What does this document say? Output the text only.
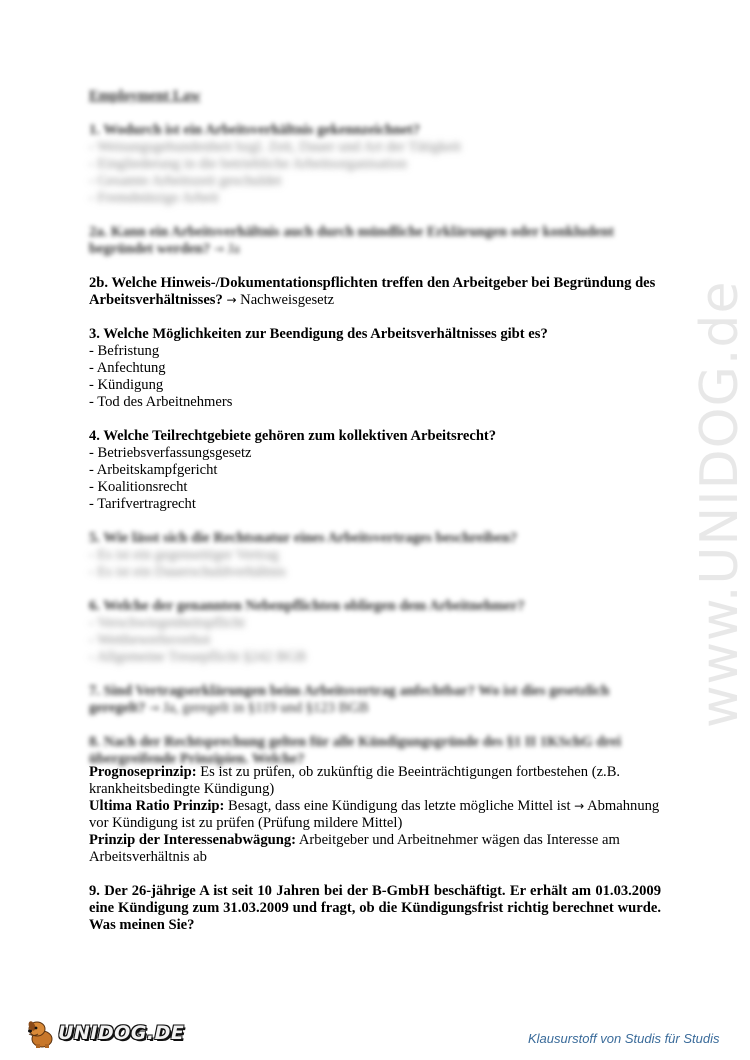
www.UNIDOG.de
Employment Law
1. Wodurch ist ein Arbeitsverhältnis gekennzeichnet?
- Weisungsgebundenheit bzgl. Zeit, Dauer und Art der Tätigkeit
- Eingliederung in die betriebliche Arbeitsorganisation
- Gesamte Arbeitszeit geschuldet
- Fremdnützige Arbeit
2a. Kann ein Arbeitsverhältnis auch durch mündliche Erklärungen oder konkludent begründet werden? → Ja
2b. Welche Hinweis-/Dokumentationspflichten treffen den Arbeitgeber bei Begründung des Arbeitsverhältnisses? → Nachweisgesetz
3. Welche Möglichkeiten zur Beendigung des Arbeitsverhältnisses gibt es?
- Befristung
- Anfechtung
- Kündigung
- Tod des Arbeitnehmers
4. Welche Teilrechtgebiete gehören zum kollektiven Arbeitsrecht?
- Betriebsverfassungsgesetz
- Arbeitskampfgericht
- Koalitionsrecht
- Tarifvertragrecht
5. Wie lässt sich die Rechtsnatur eines Arbeitsvertrages beschreiben?
- Es ist ein gegenseitiger Vertrag
- Es ist ein Dauerschuldverhältnis
6. Welche der genannten Nebenpflichten obliegen dem Arbeitnehmer?
- Verschwiegenheitspflicht
- Wettbewerbsverbot
- Allgemeine Treuepflicht §242 BGB
7. Sind Vertragserklärungen beim Arbeitsvertrag anfechtbar? Wo ist dies gesetzlich geregelt? → Ja, geregelt in §119 und §123 BGB
8. Nach der Rechtsprechung gelten für alle Kündigungsgründe des §1 II 1KSchG drei übergreifende Prinzipien. Welche?
Prognoseprinzip: Es ist zu prüfen, ob zukünftig die Beeinträchtigungen fortbestehen (z.B. krankheitsbedingte Kündigung)
Ultima Ratio Prinzip: Besagt, dass eine Kündigung das letzte mögliche Mittel ist → Abmahnung vor Kündigung ist zu prüfen (Prüfung mildere Mittel)
Prinzip der Interessenabwägung: Arbeitgeber und Arbeitnehmer wägen das Interesse am Arbeitsverhältnis ab
9. Der 26-jährige A ist seit 10 Jahren bei der B-GmbH beschäftigt. Er erhält am 01.03.2009 eine Kündigung zum 31.03.2009 und fragt, ob die Kündigungsfrist richtig berechnet wurde. Was meinen Sie?
UNIDOG.DE	Klausurstoff von Studis für Studis
